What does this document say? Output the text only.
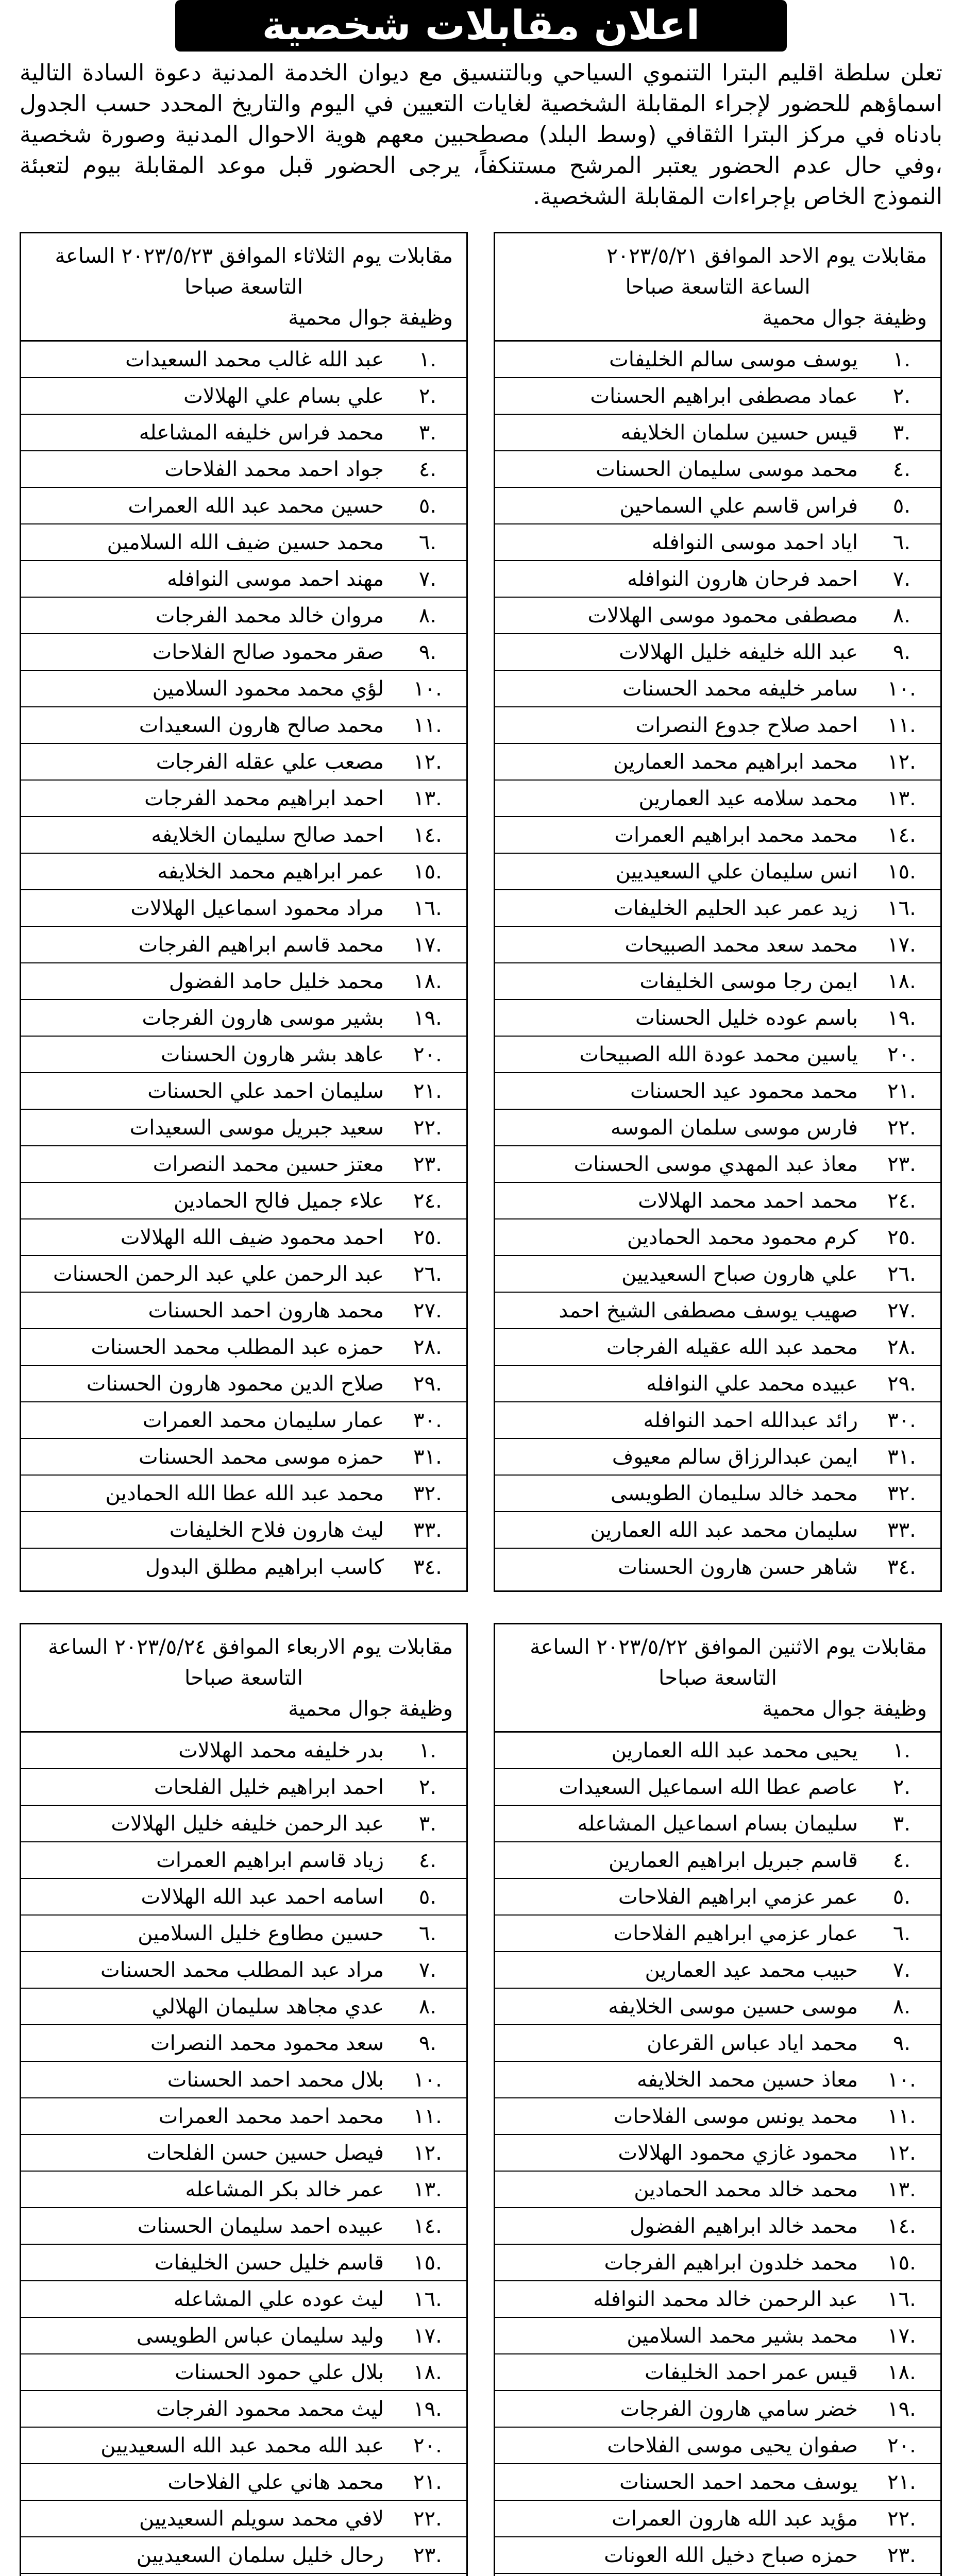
اعلان مقابلات شخصية
تعلن سلطة اقليم البترا التنموي السياحي وبالتنسيق مع ديوان الخدمة المدنية دعوة السادة التالية اسماؤهم للحضور لإجراء المقابلة الشخصية لغايات التعيين في اليوم والتاريخ المحدد حسب الجدول بادناه في مركز البترا الثقافي (وسط البلد) مصطحبين معهم هوية الاحوال المدنية وصورة شخصية ،وفي حال عدم الحضور يعتبر المرشح مستنكفاً، يرجى الحضور قبل موعد المقابلة بيوم لتعبئة النموذج الخاص بإجراءات المقابلة الشخصية.
مقابلات يوم الاحد الموافق ٢٠٢٣/٥/٢١
الساعة التاسعة صباحا
وظيفة جوال محمية
.١
يوسف موسى سالم الخليفات
.٢
عماد مصطفى ابراهيم الحسنات
.٣
قيس حسين سلمان الخلايفه
.٤
محمد موسى سليمان الحسنات
.٥
فراس قاسم علي السماحين
.٦
اياد احمد موسى النوافله
.٧
احمد فرحان هارون النوافله
.٨
مصطفى محمود موسى الهلالات
.٩
عبد الله خليفه خليل الهلالات
.١٠
سامر خليفه محمد الحسنات
.١١
احمد صلاح جدوع النصرات
.١٢
محمد ابراهيم محمد العمارين
.١٣
محمد سلامه عيد العمارين
.١٤
محمد محمد ابراهيم العمرات
.١٥
انس سليمان علي السعيديين
.١٦
زيد عمر عبد الحليم الخليفات
.١٧
محمد سعد محمد الصبيحات
.١٨
ايمن رجا موسى الخليفات
.١٩
باسم عوده خليل الحسنات
.٢٠
ياسين محمد عودة الله الصبيحات
.٢١
محمد محمود عيد الحسنات
.٢٢
فارس موسى سلمان الموسه
.٢٣
معاذ عبد المهدي موسى الحسنات
.٢٤
محمد احمد محمد الهلالات
.٢٥
كرم محمود محمد الحمادين
.٢٦
علي هارون صباح السعيديين
.٢٧
صهيب يوسف مصطفى الشيخ احمد
.٢٨
محمد عبد الله عقيله الفرجات
.٢٩
عبيده محمد علي النوافله
.٣٠
رائد عبدالله احمد النوافله
.٣١
ايمن عبدالرزاق سالم معيوف
.٣٢
محمد خالد سليمان الطويسى
.٣٣
سليمان محمد عبد الله العمارين
.٣٤
شاهر حسن هارون الحسنات
مقابلات يوم الثلاثاء الموافق ٢٠٢٣/٥/٢٣ الساعة
التاسعة صباحا
وظيفة جوال محمية
.١
عبد الله غالب محمد السعيدات
.٢
علي بسام علي الهلالات
.٣
محمد فراس خليفه المشاعله
.٤
جواد احمد محمد الفلاحات
.٥
حسين محمد عبد الله العمرات
.٦
محمد حسين ضيف الله السلامين
.٧
مهند احمد موسى النوافله
.٨
مروان خالد محمد الفرجات
.٩
صقر محمود صالح الفلاحات
.١٠
لؤي محمد محمود السلامين
.١١
محمد صالح هارون السعيدات
.١٢
مصعب علي عقله الفرجات
.١٣
احمد ابراهيم محمد الفرجات
.١٤
احمد صالح سليمان الخلايفه
.١٥
عمر ابراهيم محمد الخلايفه
.١٦
مراد محمود اسماعيل الهلالات
.١٧
محمد قاسم ابراهيم الفرجات
.١٨
محمد خليل حامد الفضول
.١٩
بشير موسى هارون الفرجات
.٢٠
عاهد بشر هارون الحسنات
.٢١
سليمان احمد علي الحسنات
.٢٢
سعيد جبريل موسى السعيدات
.٢٣
معتز حسين محمد النصرات
.٢٤
علاء جميل فالح الحمادين
.٢٥
احمد محمود ضيف الله الهلالات
.٢٦
عبد الرحمن علي عبد الرحمن الحسنات
.٢٧
محمد هارون احمد الحسنات
.٢٨
حمزه عبد المطلب محمد الحسنات
.٢٩
صلاح الدين محمود هارون الحسنات
.٣٠
عمار سليمان محمد العمرات
.٣١
حمزه موسى محمد الحسنات
.٣٢
محمد عبد الله عطا الله الحمادين
.٣٣
ليث هارون فلاح الخليفات
.٣٤
كاسب ابراهيم مطلق البدول
مقابلات يوم الاثنين الموافق ٢٠٢٣/٥/٢٢ الساعة
التاسعة صباحا
وظيفة جوال محمية
.١
يحيى محمد عبد الله العمارين
.٢
عاصم عطا الله اسماعيل السعيدات
.٣
سليمان بسام اسماعيل المشاعله
.٤
قاسم جبريل ابراهيم العمارين
.٥
عمر عزمي ابراهيم الفلاحات
.٦
عمار عزمي ابراهيم الفلاحات
.٧
حبيب محمد عيد العمارين
.٨
موسى حسين موسى الخلايفه
.٩
محمد اياد عباس القرعان
.١٠
معاذ حسين محمد الخلايفه
.١١
محمد يونس موسى الفلاحات
.١٢
محمود غازي محمود الهلالات
.١٣
محمد خالد محمد الحمادين
.١٤
محمد خالد ابراهيم الفضول
.١٥
محمد خلدون ابراهيم الفرجات
.١٦
عبد الرحمن خالد محمد النوافله
.١٧
محمد بشير محمد السلامين
.١٨
قيس عمر احمد الخليفات
.١٩
خضر سامي هارون الفرجات
.٢٠
صفوان يحيى موسى الفلاحات
.٢١
يوسف محمد احمد الحسنات
.٢٢
مؤيد عبد الله هارون العمرات
.٢٣
حمزه صباح دخيل الله العونات
مقابلات يوم الاربعاء الموافق ٢٠٢٣/٥/٢٤ الساعة
التاسعة صباحا
وظيفة جوال محمية
.١
بدر خليفه محمد الهلالات
.٢
احمد ابراهيم خليل الفلحات
.٣
عبد الرحمن خليفه خليل الهلالات
.٤
زياد قاسم ابراهيم العمرات
.٥
اسامه احمد عبد الله الهلالات
.٦
حسين مطاوع خليل السلامين
.٧
مراد عبد المطلب محمد الحسنات
.٨
عدي مجاهد سليمان الهلالي
.٩
سعد محمود محمد النصرات
.١٠
بلال محمد احمد الحسنات
.١١
محمد احمد محمد العمرات
.١٢
فيصل حسين حسن الفلحات
.١٣
عمر خالد بكر المشاعله
.١٤
عبيده احمد سليمان الحسنات
.١٥
قاسم خليل حسن الخليفات
.١٦
ليث عوده علي المشاعله
.١٧
وليد سليمان عباس الطويسى
.١٨
بلال علي حمود الحسنات
.١٩
ليث محمد محمود الفرجات
.٢٠
عبد الله محمد عبد الله السعيديين
.٢١
محمد هاني علي الفلاحات
.٢٢
لافي محمد سويلم السعيديين
.٢٣
رحال خليل سلمان السعيديين
